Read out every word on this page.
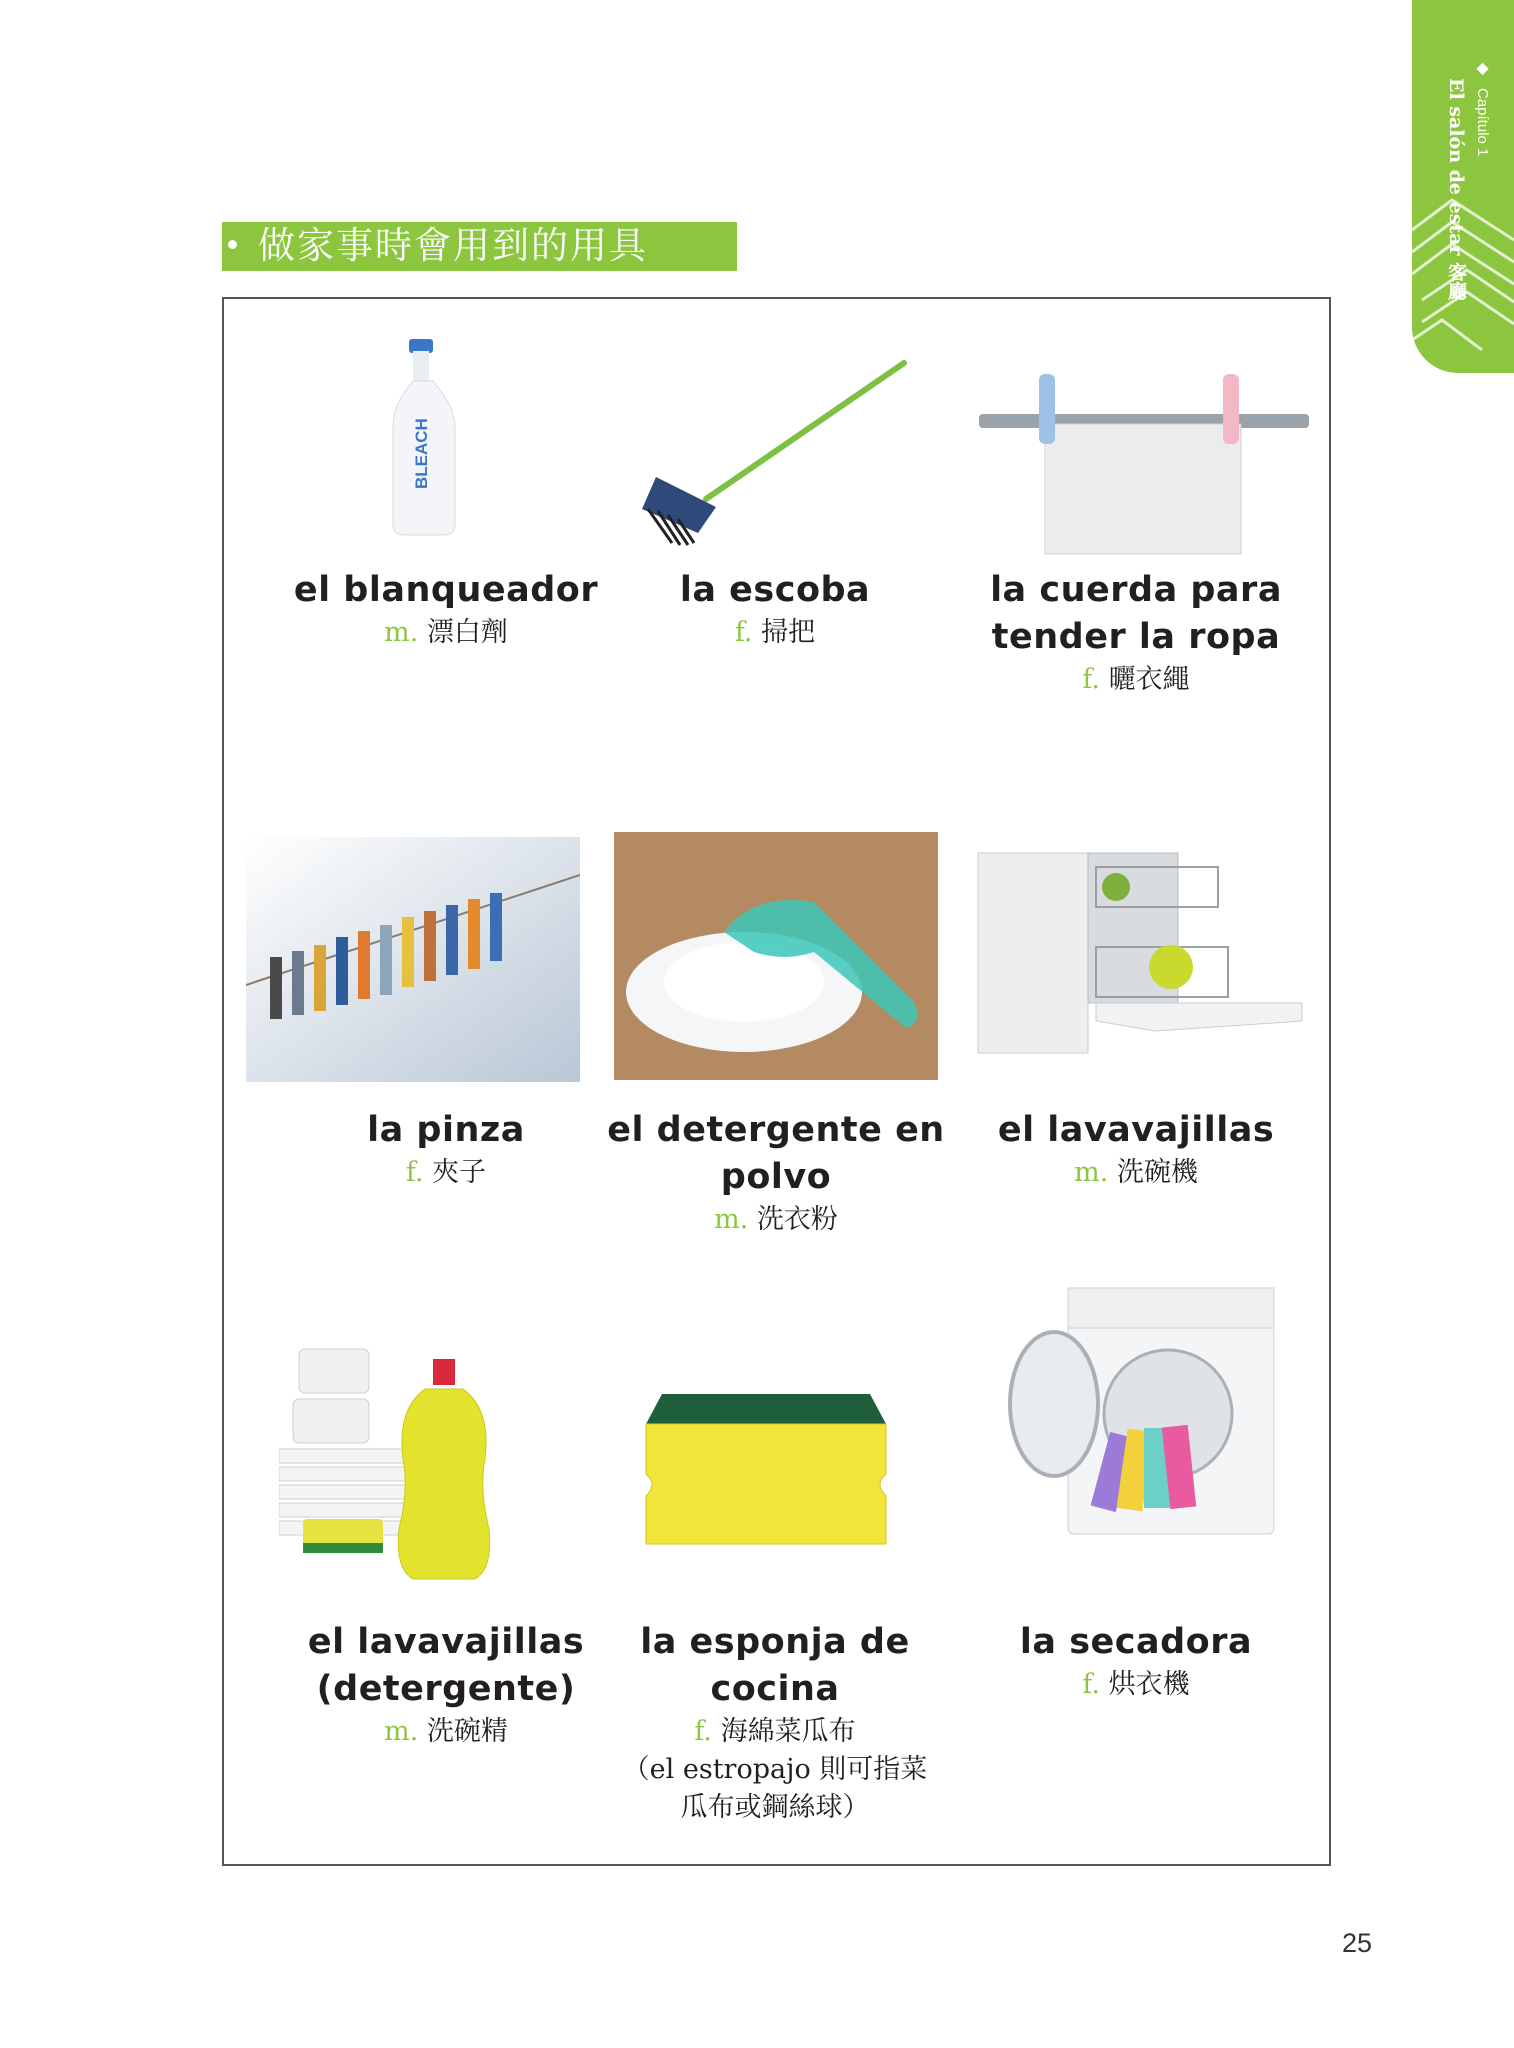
◆ Capítulo 1
El salón de estar 客廳
做家事時會用到的用具
BLEACH
el blanqueador
m. 漂白劑
la escoba
f. 掃把
la cuerda para tender la ropa
f. 曬衣繩
la pinza
f. 夾子
el detergente en polvo
m. 洗衣粉
el lavavajillas
m. 洗碗機
el lavavajillas (detergente)
m. 洗碗精
la esponja de cocina
f. 海綿菜瓜布
（el estropajo 則可指菜瓜布或鋼絲球）
la secadora
f. 烘衣機
25
